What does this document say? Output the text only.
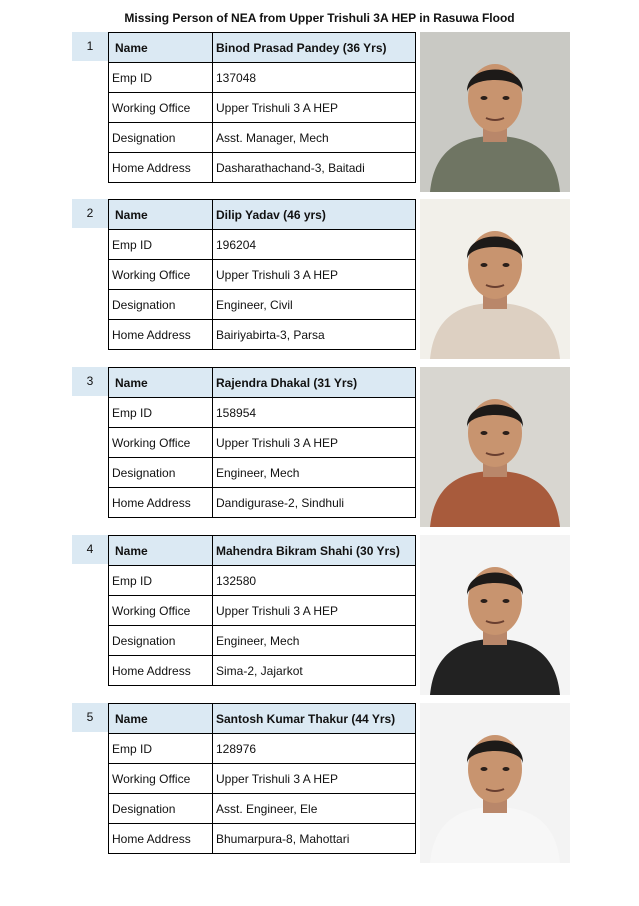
Missing Person of NEA from Upper Trishuli 3A HEP in Rasuwa Flood
1	Name	Binod Prasad Pandey (36 Yrs)
Emp ID	137048
Working Office	Upper Trishuli 3 A HEP
Designation	Asst. Manager, Mech
Home Address	Dasharathachand-3, Baitadi
2	Name	Dilip Yadav (46 yrs)
Emp ID	196204
Working Office	Upper Trishuli 3 A HEP
Designation	Engineer, Civil
Home Address	Bairiyabirta-3, Parsa
3	Name	Rajendra Dhakal (31 Yrs)
Emp ID	158954
Working Office	Upper Trishuli 3 A HEP
Designation	Engineer, Mech
Home Address	Dandigurase-2, Sindhuli
4	Name	Mahendra Bikram Shahi (30 Yrs)
Emp ID	132580
Working Office	Upper Trishuli 3 A HEP
Designation	Engineer, Mech
Home Address	Sima-2, Jajarkot
5	Name	Santosh Kumar Thakur (44 Yrs)
Emp ID	128976
Working Office	Upper Trishuli 3 A HEP
Designation	Asst. Engineer, Ele
Home Address	Bhumarpura-8, Mahottari
